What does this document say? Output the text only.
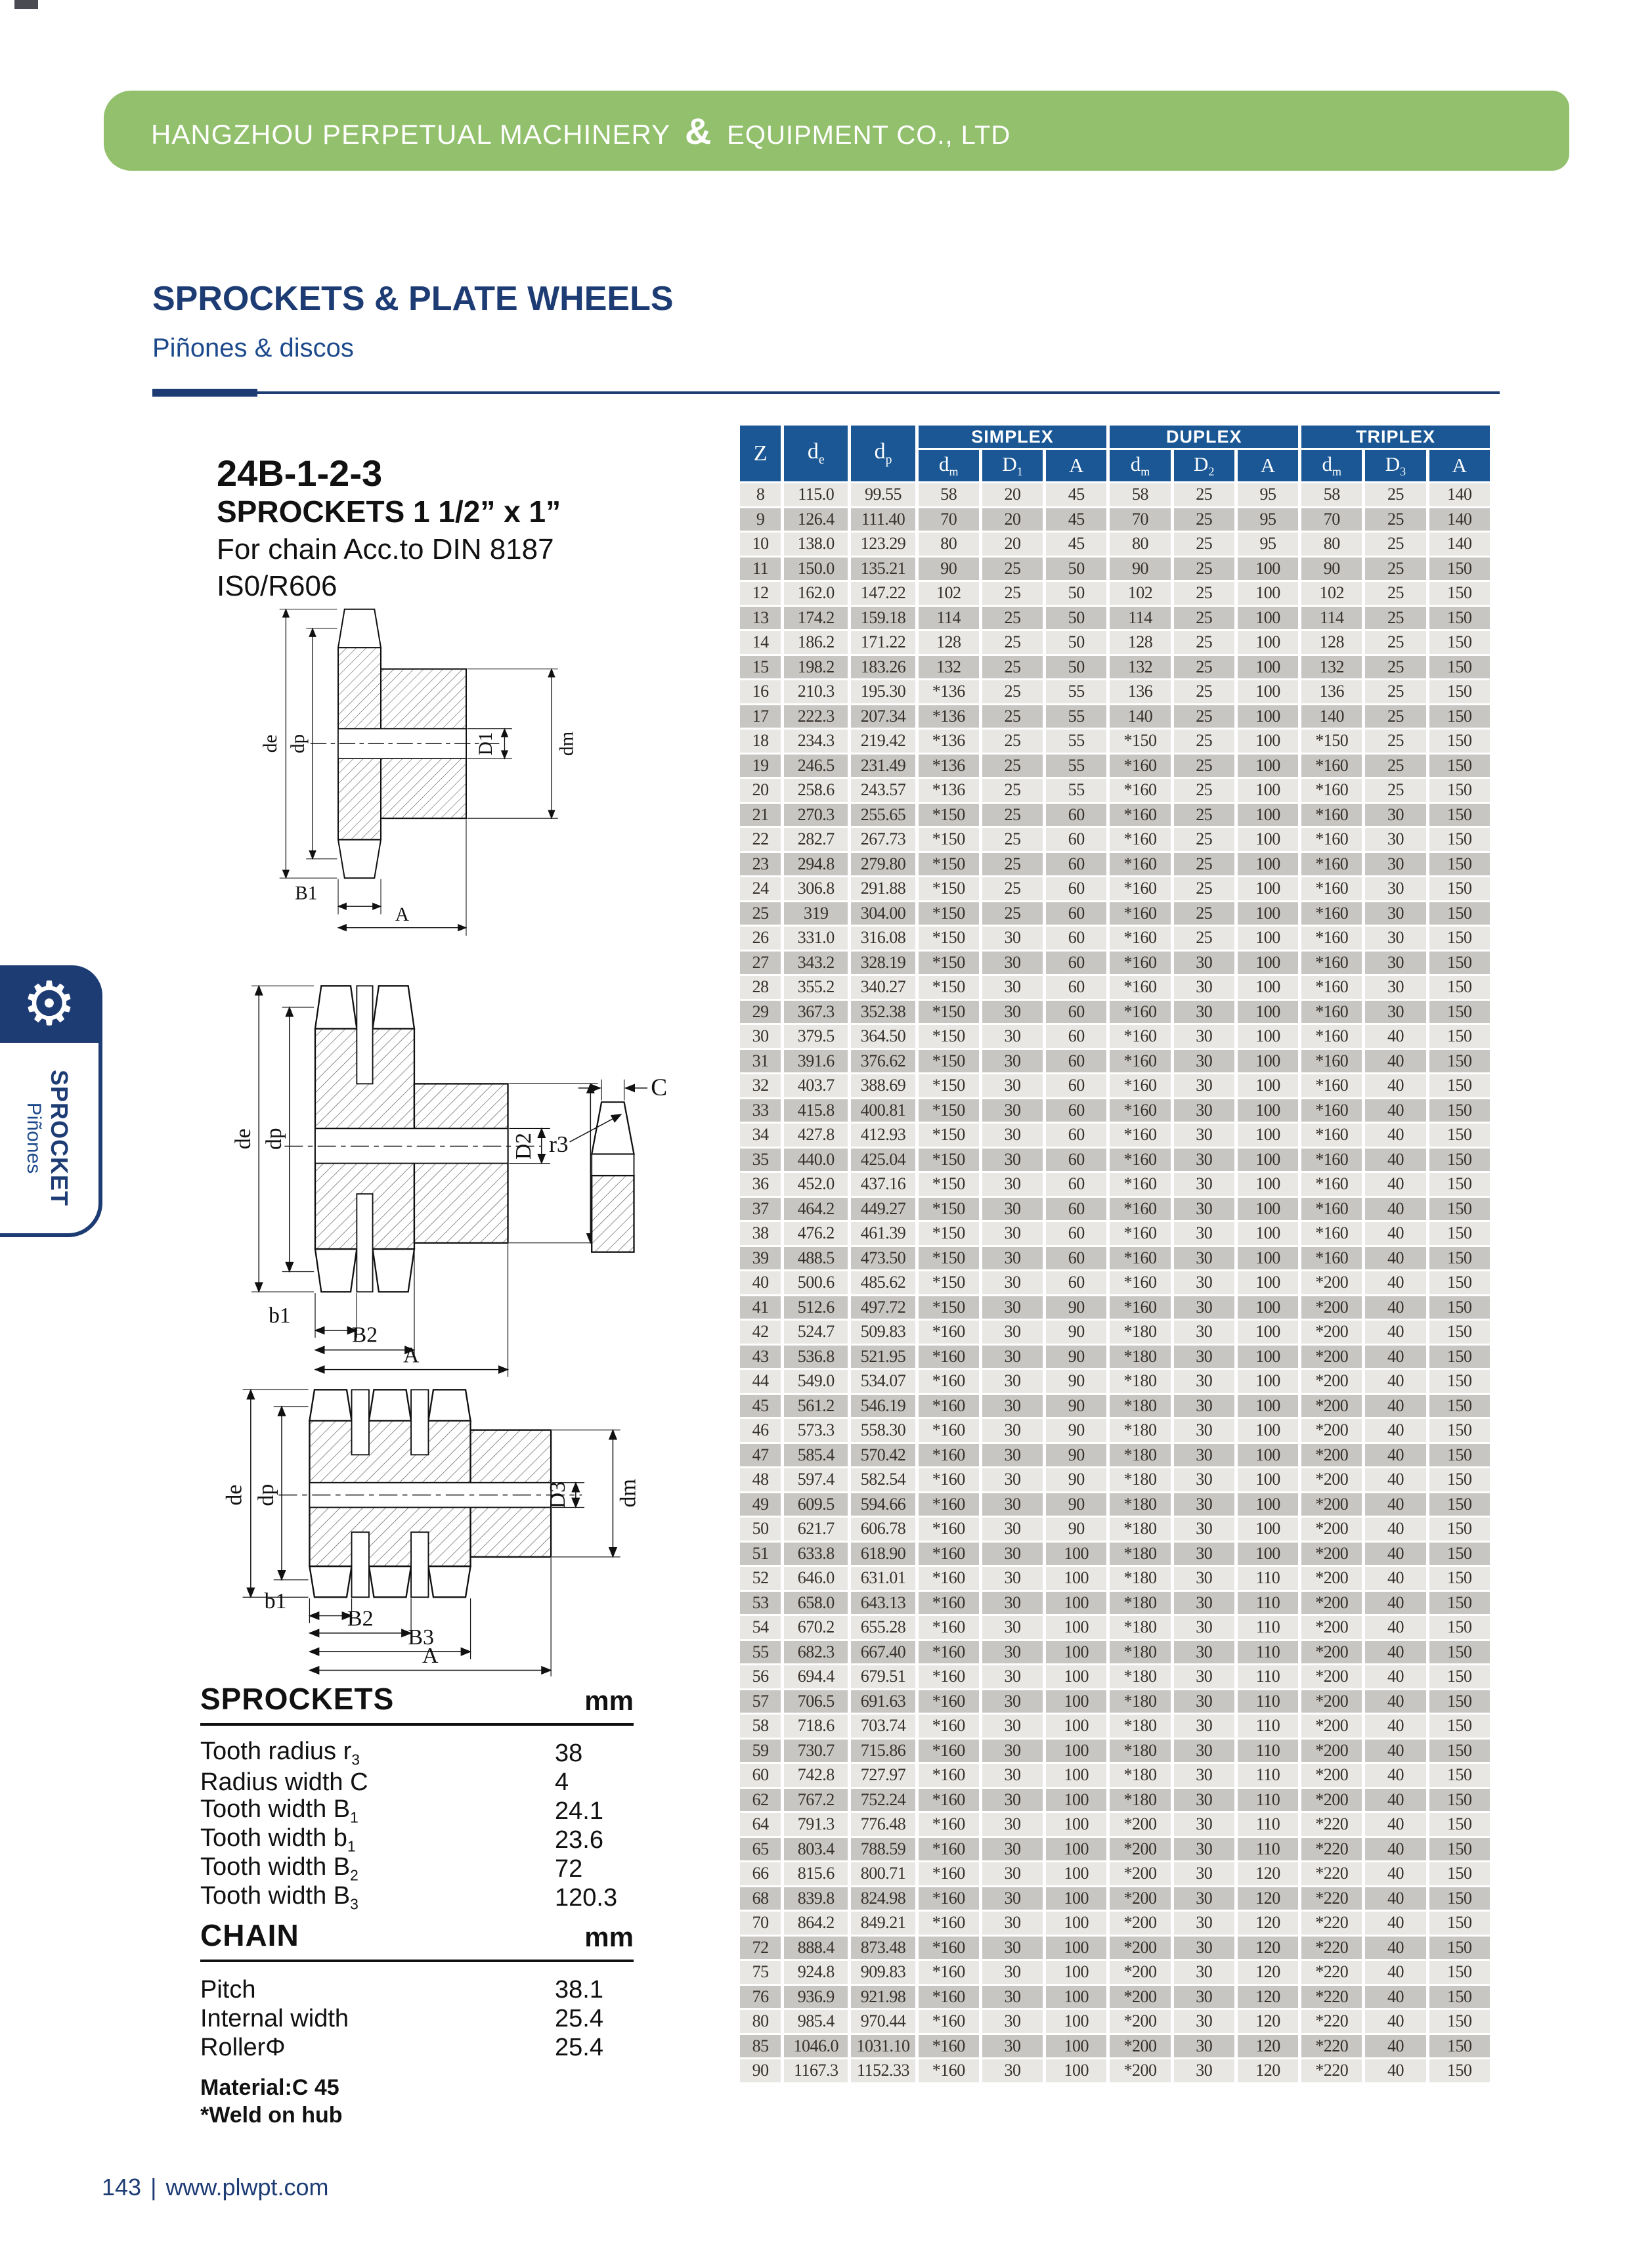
HANGZHOU PERPETUAL MACHINERY & EQUIPMENT CO., LTD
SPROCKETS & PLATE WHEELS
Piñones & discos
24B-1-2-3
SPROCKETS 1 1/2” x 1”
For chain Acc.to DIN 8187
IS0/R606
⚙
SPROCKET
Piñones
de dp	dm
D1
B1
A
de dp	D2
b1
B2
A
C
r3
de dp	dm
D3
b1
B2
B3
A
SPROCKETS	mm
Tooth radius $r_3$	38
Radius width C	4
Tooth width $B_1$	24.1
Tooth width $b_1$	23.6
Tooth width $B_2$	72
Tooth width $B_3$	120.3
CHAIN	mm
Pitch	38.1
Internal width	25.4
RollerΦ	25.4
Material:C 45
*Weld on hub
143 | www.plwpt.com
Z	$d_e$	$d_p$	SIMPLEX			DUPLEX			TRIPLEX		
			$d_m$	$D_1$	A	$d_m$	$D_2$	A	$d_m$	$D_3$	A
8	115.0	99.55	58	20	45	58	25	95	58	25	140
9	126.4	111.40	70	20	45	70	25	95	70	25	140
10	138.0	123.29	80	20	45	80	25	95	80	25	140
11	150.0	135.21	90	25	50	90	25	100	90	25	150
12	162.0	147.22	102	25	50	102	25	100	102	25	150
13	174.2	159.18	114	25	50	114	25	100	114	25	150
14	186.2	171.22	128	25	50	128	25	100	128	25	150
15	198.2	183.26	132	25	50	132	25	100	132	25	150
16	210.3	195.30	*136	25	55	136	25	100	136	25	150
17	222.3	207.34	*136	25	55	140	25	100	140	25	150
18	234.3	219.42	*136	25	55	*150	25	100	*150	25	150
19	246.5	231.49	*136	25	55	*160	25	100	*160	25	150
20	258.6	243.57	*136	25	55	*160	25	100	*160	25	150
21	270.3	255.65	*150	25	60	*160	25	100	*160	30	150
22	282.7	267.73	*150	25	60	*160	25	100	*160	30	150
23	294.8	279.80	*150	25	60	*160	25	100	*160	30	150
24	306.8	291.88	*150	25	60	*160	25	100	*160	30	150
25	319	304.00	*150	25	60	*160	25	100	*160	30	150
26	331.0	316.08	*150	30	60	*160	25	100	*160	30	150
27	343.2	328.19	*150	30	60	*160	30	100	*160	30	150
28	355.2	340.27	*150	30	60	*160	30	100	*160	30	150
29	367.3	352.38	*150	30	60	*160	30	100	*160	30	150
30	379.5	364.50	*150	30	60	*160	30	100	*160	40	150
31	391.6	376.62	*150	30	60	*160	30	100	*160	40	150
32	403.7	388.69	*150	30	60	*160	30	100	*160	40	150
33	415.8	400.81	*150	30	60	*160	30	100	*160	40	150
34	427.8	412.93	*150	30	60	*160	30	100	*160	40	150
35	440.0	425.04	*150	30	60	*160	30	100	*160	40	150
36	452.0	437.16	*150	30	60	*160	30	100	*160	40	150
37	464.2	449.27	*150	30	60	*160	30	100	*160	40	150
38	476.2	461.39	*150	30	60	*160	30	100	*160	40	150
39	488.5	473.50	*150	30	60	*160	30	100	*160	40	150
40	500.6	485.62	*150	30	60	*160	30	100	*200	40	150
41	512.6	497.72	*150	30	90	*160	30	100	*200	40	150
42	524.7	509.83	*160	30	90	*180	30	100	*200	40	150
43	536.8	521.95	*160	30	90	*180	30	100	*200	40	150
44	549.0	534.07	*160	30	90	*180	30	100	*200	40	150
45	561.2	546.19	*160	30	90	*180	30	100	*200	40	150
46	573.3	558.30	*160	30	90	*180	30	100	*200	40	150
47	585.4	570.42	*160	30	90	*180	30	100	*200	40	150
48	597.4	582.54	*160	30	90	*180	30	100	*200	40	150
49	609.5	594.66	*160	30	90	*180	30	100	*200	40	150
50	621.7	606.78	*160	30	90	*180	30	100	*200	40	150
51	633.8	618.90	*160	30	100	*180	30	100	*200	40	150
52	646.0	631.01	*160	30	100	*180	30	110	*200	40	150
53	658.0	643.13	*160	30	100	*180	30	110	*200	40	150
54	670.2	655.28	*160	30	100	*180	30	110	*200	40	150
55	682.3	667.40	*160	30	100	*180	30	110	*200	40	150
56	694.4	679.51	*160	30	100	*180	30	110	*200	40	150
57	706.5	691.63	*160	30	100	*180	30	110	*200	40	150
58	718.6	703.74	*160	30	100	*180	30	110	*200	40	150
59	730.7	715.86	*160	30	100	*180	30	110	*200	40	150
60	742.8	727.97	*160	30	100	*180	30	110	*200	40	150
62	767.2	752.24	*160	30	100	*180	30	110	*200	40	150
64	791.3	776.48	*160	30	100	*200	30	110	*220	40	150
65	803.4	788.59	*160	30	100	*200	30	110	*220	40	150
66	815.6	800.71	*160	30	100	*200	30	120	*220	40	150
68	839.8	824.98	*160	30	100	*200	30	120	*220	40	150
70	864.2	849.21	*160	30	100	*200	30	120	*220	40	150
72	888.4	873.48	*160	30	100	*200	30	120	*220	40	150
75	924.8	909.83	*160	30	100	*200	30	120	*220	40	150
76	936.9	921.98	*160	30	100	*200	30	120	*220	40	150
80	985.4	970.44	*160	30	100	*200	30	120	*220	40	150
85	1046.0	1031.10	*160	30	100	*200	30	120	*220	40	150
90	1167.3	1152.33	*160	30	100	*200	30	120	*220	40	150
